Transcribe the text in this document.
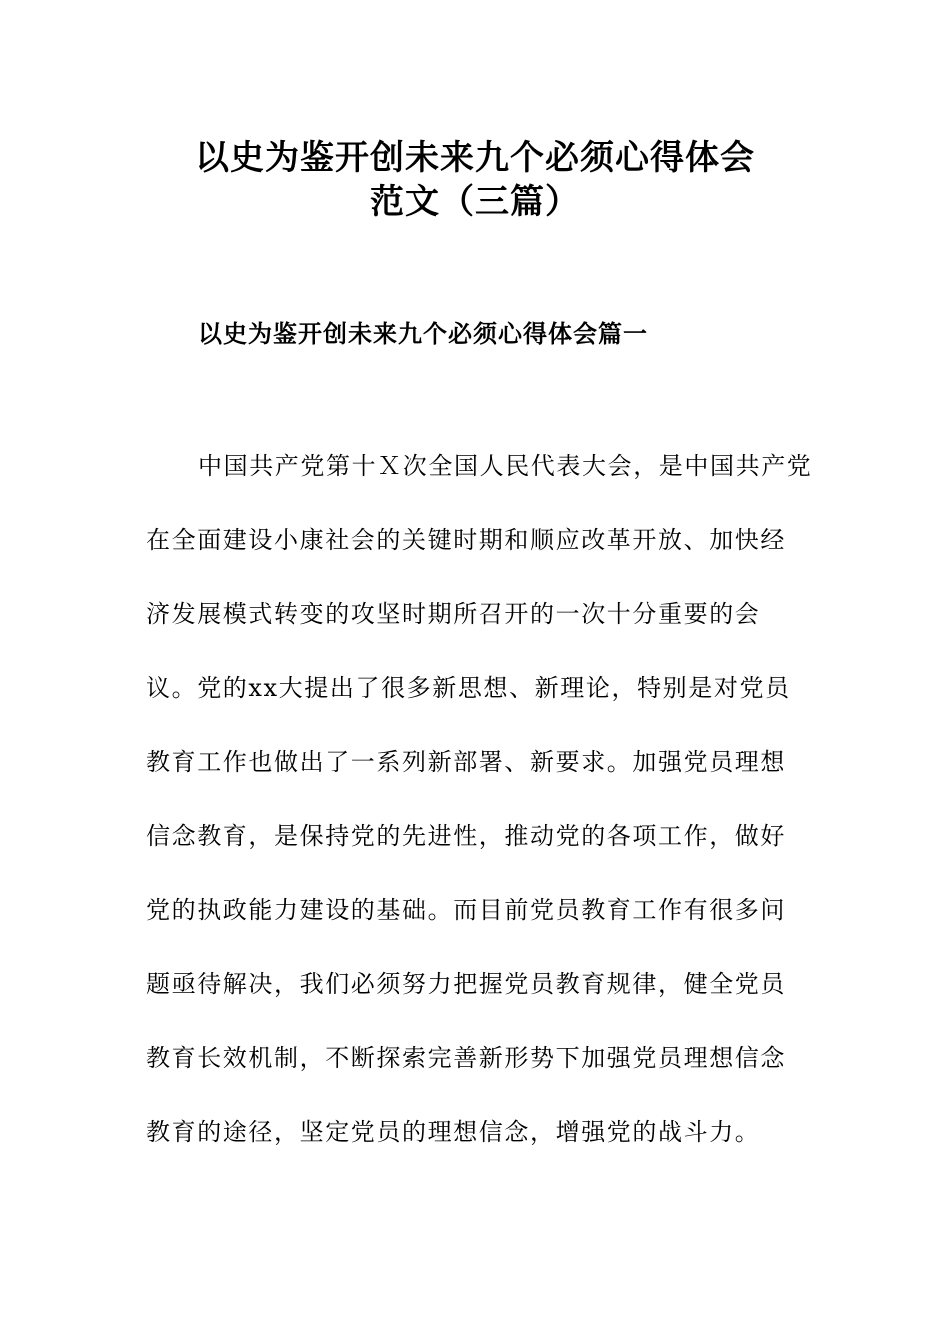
以史为鉴开创未来九个必须心得体会
范文（三篇）
以史为鉴开创未来九个必须心得体会篇一
中国共产党第十Ｘ次全国人民代表大会，是中国共产党
在全面建设小康社会的关键时期和顺应改革开放、加快经
济发展模式转变的攻坚时期所召开的一次十分重要的会
议。党的xx大提出了很多新思想、新理论，特别是对党员
教育工作也做出了一系列新部署、新要求。加强党员理想
信念教育，是保持党的先进性，推动党的各项工作，做好
党的执政能力建设的基础。而目前党员教育工作有很多问
题亟待解决，我们必须努力把握党员教育规律，健全党员
教育长效机制，不断探索完善新形势下加强党员理想信念
教育的途径，坚定党员的理想信念，增强党的战斗力。
